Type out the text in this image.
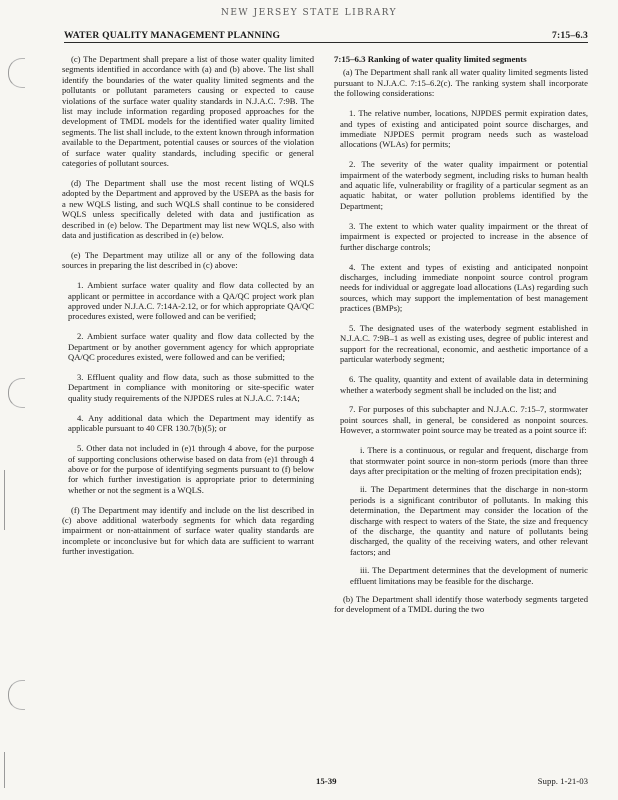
NEW JERSEY STATE LIBRARY
WATER QUALITY MANAGEMENT PLANNING	7:15–6.3

(c) The Department shall prepare a list of those water quality limited segments identified in accordance with (a) and (b) above. The list shall identify the boundaries of the water quality limited segments and the pollutants or pollutant parameters causing or expected to cause violations of the surface water quality standards in N.J.A.C. 7:9B. The list may include information regarding proposed approaches for the development of TMDL models for the identified water quality limited segments. The list shall include, to the extent known through information available to the Department, potential causes or sources of the violation of surface water quality standards, including specific or general categories of pollutant sources.

(d) The Department shall use the most recent listing of WQLS adopted by the Department and approved by the USEPA as the basis for a new WQLS listing, and such WQLS shall continue to be considered WQLS unless specifically deleted with data and justification as described in (e) below. The Department may list new WQLS, also with data and justification as described in (e) below.

(e) The Department may utilize all or any of the following data sources in preparing the list described in (c) above:

1. Ambient surface water quality and flow data collected by an applicant or permittee in accordance with a QA/QC project work plan approved under N.J.A.C. 7:14A-2.12, or for which appropriate QA/QC procedures existed, were followed and can be verified;

2. Ambient surface water quality and flow data collected by the Department or by another government agency for which appropriate QA/QC procedures existed, were followed and can be verified;

3. Effluent quality and flow data, such as those submitted to the Department in compliance with monitoring or site-specific water quality study requirements of the NJPDES rules at N.J.A.C. 7:14A;

4. Any additional data which the Department may identify as applicable pursuant to 40 CFR 130.7(b)(5); or

5. Other data not included in (e)1 through 4 above, for the purpose of supporting conclusions otherwise based on data from (e)1 through 4 above or for the purpose of identifying segments pursuant to (f) below for which further investigation is appropriate prior to determining whether or not the segment is a WQLS.

(f) The Department may identify and include on the list described in (c) above additional waterbody segments for which data regarding impairment or non-attainment of surface water quality standards are incomplete or inconclusive but for which data are sufficient to warrant further investigation.

7:15–6.3 Ranking of water quality limited segments

(a) The Department shall rank all water quality limited segments listed pursuant to N.J.A.C. 7:15–6.2(c). The ranking system shall incorporate the following considerations:

1. The relative number, locations, NJPDES permit expiration dates, and types of existing and anticipated point source discharges, and immediate NJPDES permit program needs such as wasteload allocations (WLAs) for permits;

2. The severity of the water quality impairment or potential impairment of the waterbody segment, including risks to human health and aquatic life, vulnerability or fragility of a particular segment as an aquatic habitat, or water pollution problems identified by the Department;

3. The extent to which water quality impairment or the threat of impairment is expected or projected to increase in the absence of further discharge controls;

4. The extent and types of existing and anticipated nonpoint discharges, including immediate nonpoint source control program needs for individual or aggregate load allocations (LAs) regarding such sources, which may support the implementation of best management practices (BMPs);

5. The designated uses of the waterbody segment established in N.J.A.C. 7:9B–1 as well as existing uses, degree of public interest and support for the recreational, economic, and aesthetic importance of a particular waterbody segment;

6. The quality, quantity and extent of available data in determining whether a waterbody segment shall be included on the list; and

7. For purposes of this subchapter and N.J.A.C. 7:15–7, stormwater point sources shall, in general, be considered as nonpoint sources. However, a stormwater point source may be treated as a point source if:

i. There is a continuous, or regular and frequent, discharge from that stormwater point source in non-storm periods (more than three days after precipitation or the melting of frozen precipitation ends);

ii. The Department determines that the discharge in non-storm periods is a significant contributor of pollutants. In making this determination, the Department may consider the location of the discharge with respect to waters of the State, the size and frequency of the discharge, the quantity and nature of pollutants being discharged, the quality of the receiving waters, and other relevant factors; and

iii. The Department determines that the development of numeric effluent limitations may be feasible for the discharge.

(b) The Department shall identify those waterbody segments targeted for development of a TMDL during the two

15-39	Supp. 1-21-03
